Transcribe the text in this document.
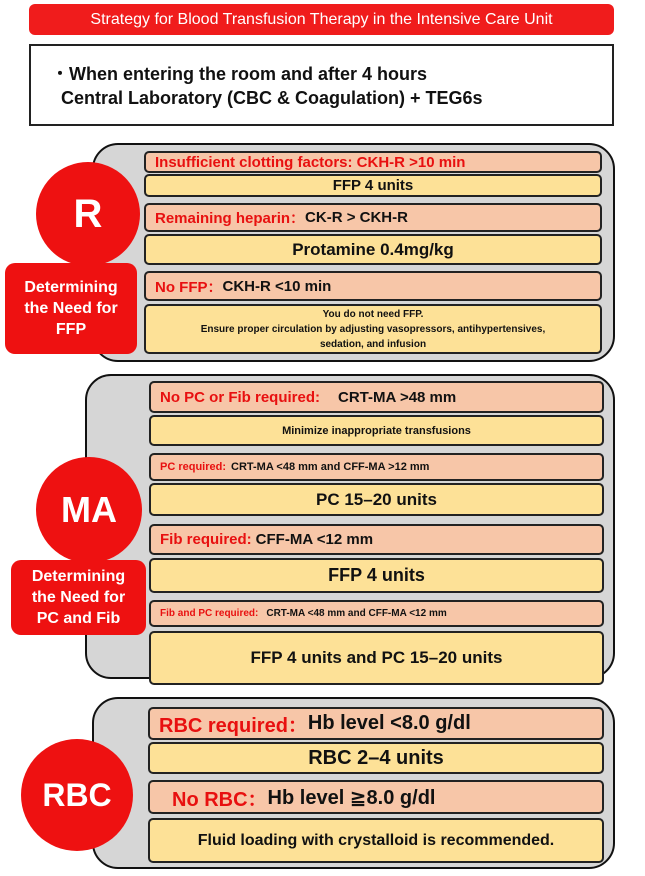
Strategy for Blood Transfusion Therapy in the Intensive Care Unit
・When entering the room and after 4 hours
Central Laboratory (CBC & Coagulation) + TEG6s
Insufficient clotting factors: CKH-R >10 min
FFP 4 units
Remaining heparin： CK-R > CKH-R
Protamine 0.4mg/kg
No FFP： CKH-R <10 min
You do not need FFP.
Ensure proper circulation by adjusting vasopressors, antihypertensives,
sedation, and infusion
R
Determining
the Need for
FFP
No PC or Fib required: CRT-MA >48 mm
Minimize inappropriate transfusions
PC required: CRT-MA <48 mm and CFF-MA >12 mm
PC 15–20 units
Fib required: CFF-MA <12 mm
FFP 4 units
Fib and PC required: CRT-MA <48 mm and CFF-MA <12 mm
FFP 4 units and PC 15–20 units
MA
Determining
the Need for
PC and Fib
RBC required： Hb level <8.0 g/dl
RBC 2–4 units
No RBC： Hb level ≧8.0 g/dl
Fluid loading with crystalloid is recommended.
RBC
